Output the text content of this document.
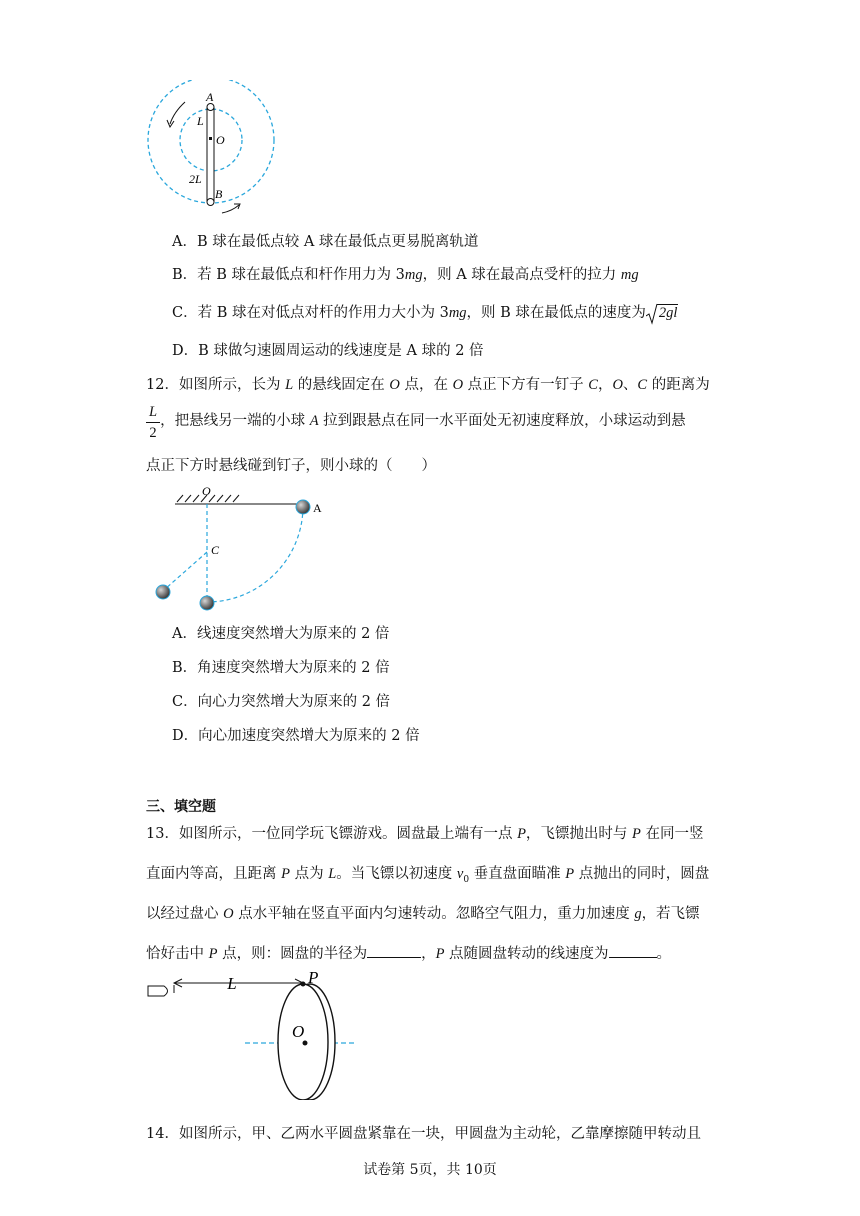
A
L
O
2L
B
A．B 球在最低点较 A 球在最低点更易脱离轨道
B．若 B 球在最低点和杆作用力为 3mg，则 A 球在最高点受杆的拉力 mg
C．若 B 球在对低点对杆的作用力大小为 3mg，则 B 球在最低点的速度为 2gl
D．B 球做匀速圆周运动的线速度是 A 球的 2 倍
12．如图所示，长为 L 的悬线固定在 O 点，在 O 点正下方有一钉子 C，O、C 的距离为
$\frac{L}{2}$ ，把悬线另一端的小球 A 拉到跟悬点在同一水平面处无初速度释放，小球运动到悬
点正下方时悬线碰到钉子，则小球的（　　）
O
A
C
A．线速度突然增大为原来的 2 倍
B．角速度突然增大为原来的 2 倍
C．向心力突然增大为原来的 2 倍
D．向心加速度突然增大为原来的 2 倍
三、填空题
13．如图所示，一位同学玩飞镖游戏。圆盘最上端有一点 P，飞镖抛出时与 P 在同一竖
直面内等高，且距离 P 点为 L。当飞镖以初速度 $v_0$ 垂直盘面瞄准 P 点抛出的同时，圆盘
以经过盘心 O 点水平轴在竖直平面内匀速转动。忽略空气阻力，重力加速度 g，若飞镖
恰好击中 P 点，则：圆盘的半径为	，P 点随圆盘转动的线速度为	。
L	P
O
14．如图所示，甲、乙两水平圆盘紧靠在一块，甲圆盘为主动轮，乙靠摩擦随甲转动且
试卷第 5页，共 10页
